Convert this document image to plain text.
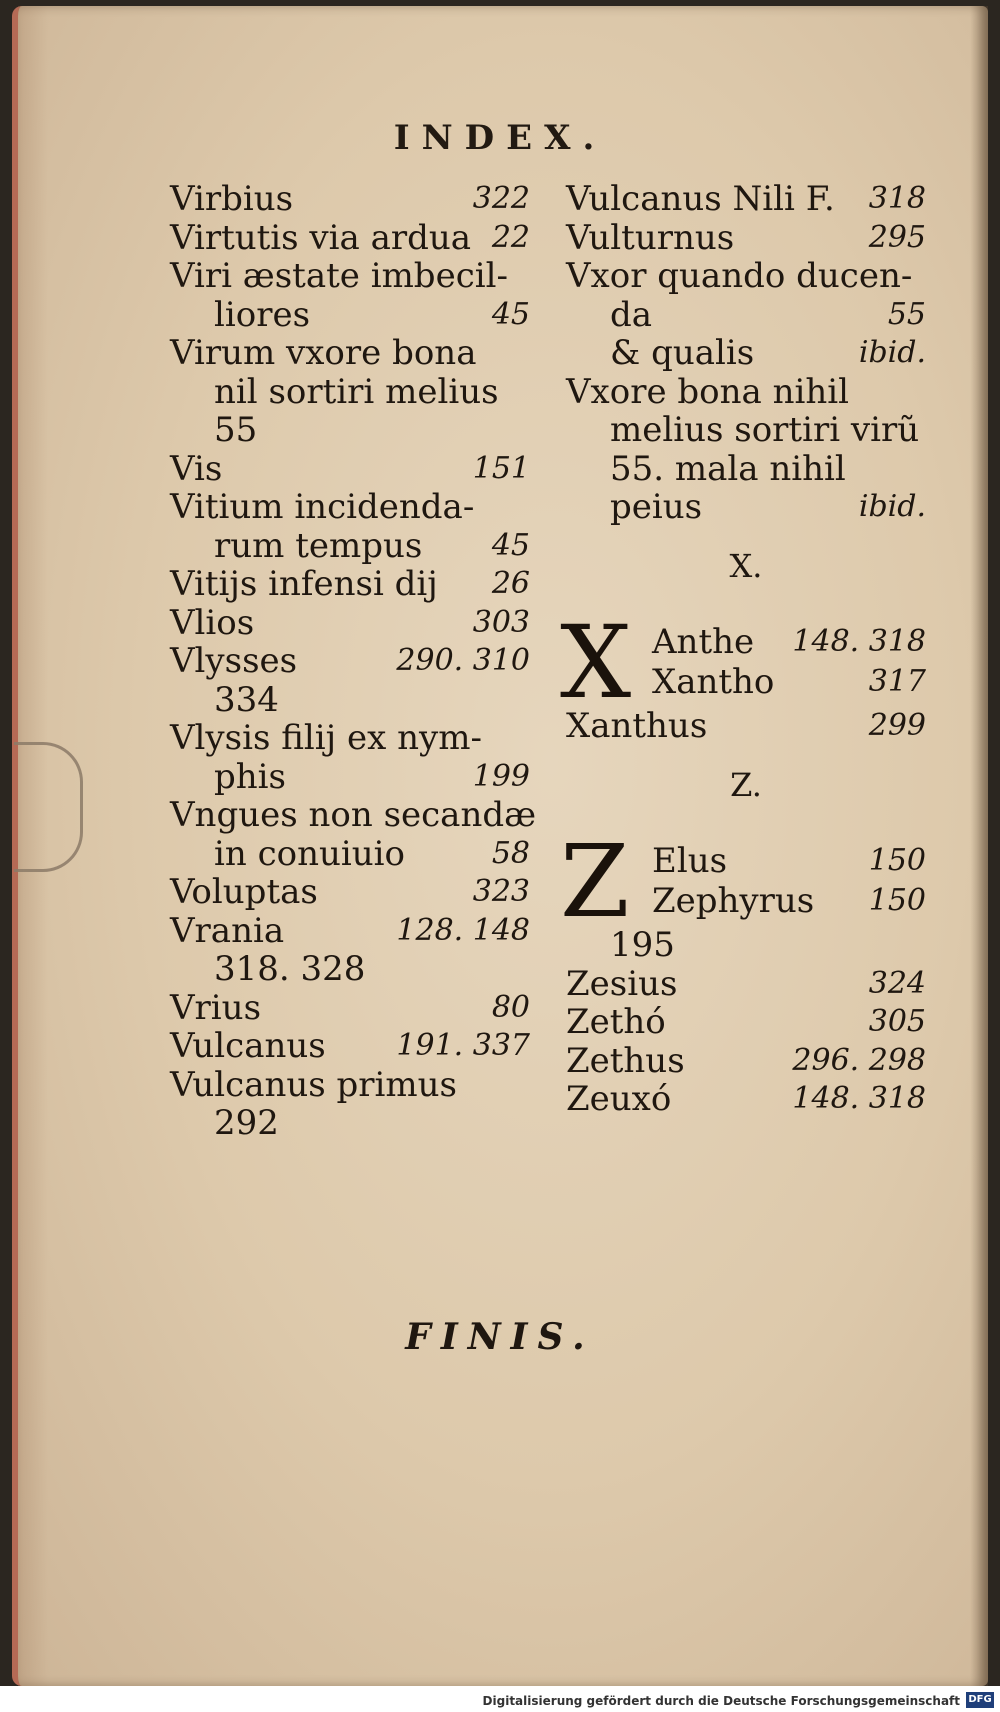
INDEX.
Virbius	322
Virtutis via ardua 22
Viri æstate imbecil-
liores	45
Virum vxore bona
nil sortiri melius
55
Vis	151
Vitium incidenda-
rum tempus 45
Vitijs infensi dij 26
Vlios	303
Vlysses	290. 310
334
Vlysis filij ex nym-
phis	199
Vngues non secandæ
in conuiuio	58
Voluptas	323
Vrania	128. 148
318. 328
Vrius	80
Vulcanus 191. 337
Vulcanus primus
292
Vulcanus Nili F. 318
Vulturnus	295
Vxor quando ducen-
da	55
& qualis	ibid.
Vxore bona nihil
melius sortiri virũ
55. mala nihil
peius	ibid.
X.
X Anthe 148. 318
Xantho	317
Xanthus	299
Z.
Z Elus	150
Zephyrus 150
195
Zesius	324
Zethó	305
Zethus	296. 298
Zeuxó	148. 318
FINIS.
Digitalisierung gefördert durch die Deutsche Forschungsgemeinschaft DFG
